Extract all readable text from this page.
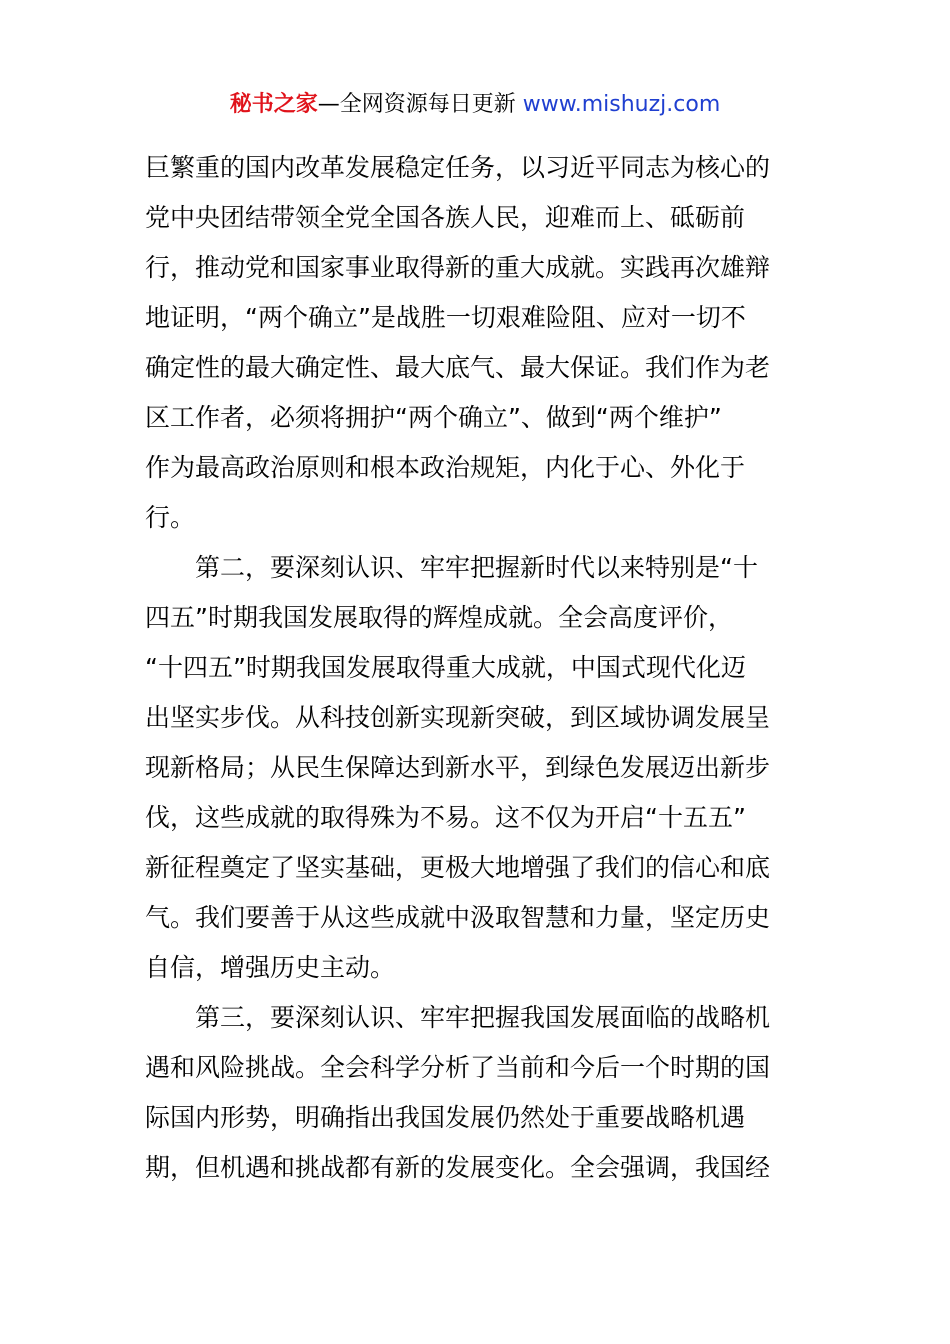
秘书之家—全网资源每日更新 www.mishuzj.com
巨繁重的国内改革发展稳定任务，以习近平同志为核心的
党中央团结带领全党全国各族人民，迎难而上、砥砺前
行，推动党和国家事业取得新的重大成就。实践再次雄辩
地证明，“两个确立”是战胜一切艰难险阻、应对一切不
确定性的最大确定性、最大底气、最大保证。我们作为老
区工作者，必须将拥护“两个确立”、做到“两个维护”
作为最高政治原则和根本政治规矩，内化于心、外化于
行。
第二，要深刻认识、牢牢把握新时代以来特别是“十
四五”时期我国发展取得的辉煌成就。全会高度评价，
“十四五”时期我国发展取得重大成就，中国式现代化迈
出坚实步伐。从科技创新实现新突破，到区域协调发展呈
现新格局；从民生保障达到新水平，到绿色发展迈出新步
伐，这些成就的取得殊为不易。这不仅为开启“十五五”
新征程奠定了坚实基础，更极大地增强了我们的信心和底
气。我们要善于从这些成就中汲取智慧和力量，坚定历史
自信，增强历史主动。
第三，要深刻认识、牢牢把握我国发展面临的战略机
遇和风险挑战。全会科学分析了当前和今后一个时期的国
际国内形势，明确指出我国发展仍然处于重要战略机遇
期，但机遇和挑战都有新的发展变化。全会强调，我国经
